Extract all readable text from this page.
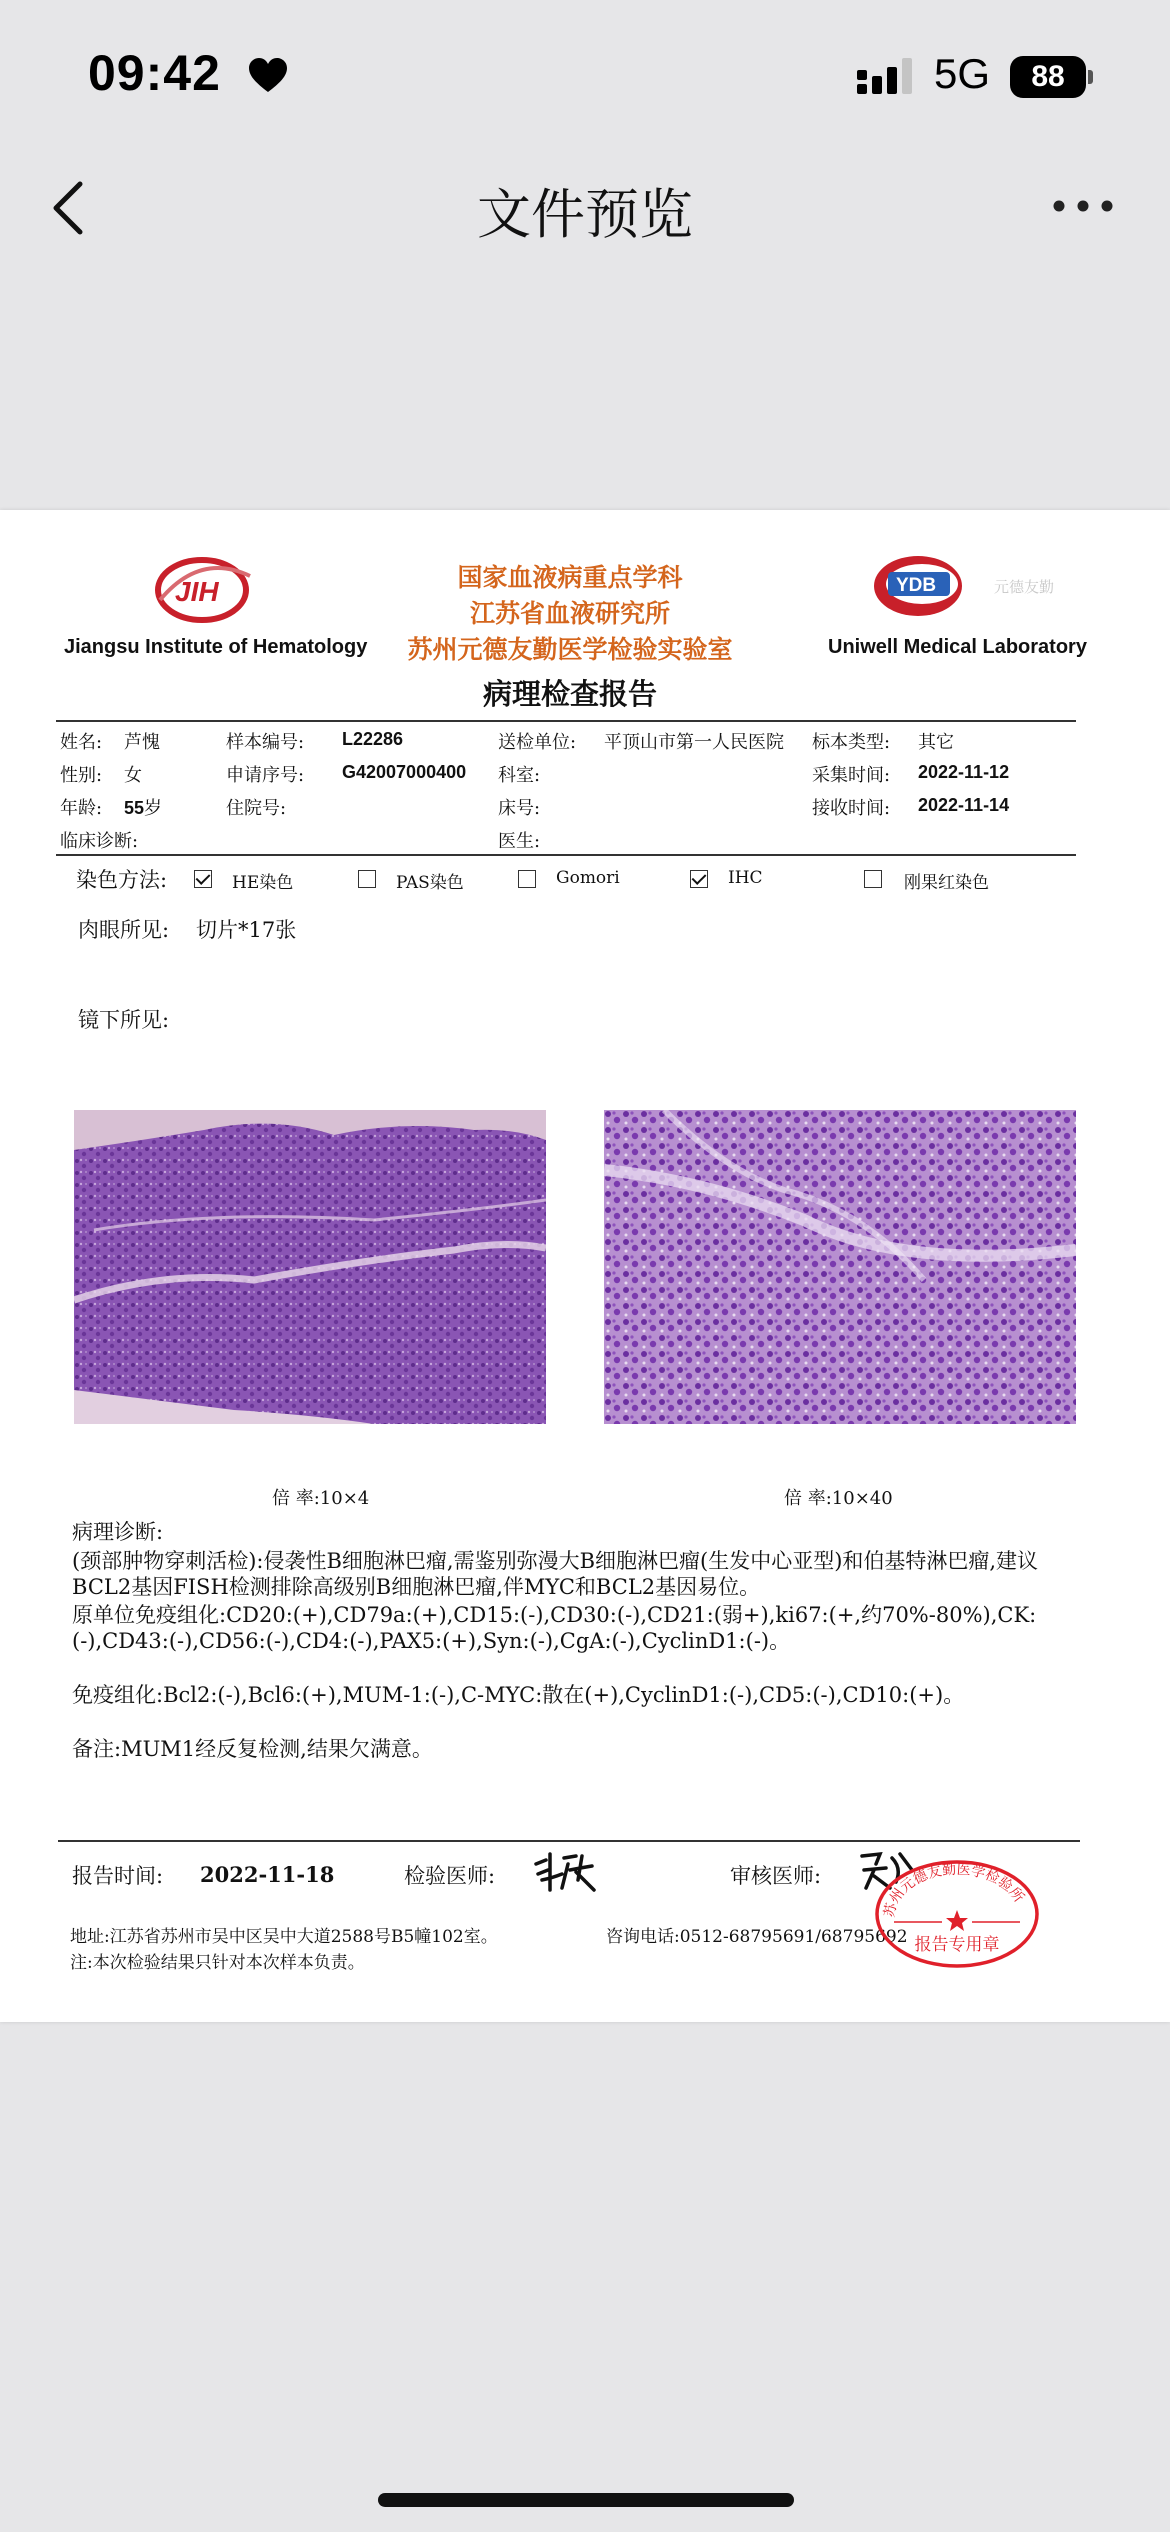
09:42	5G	88
文件预览
JIH
Jiangsu Institute of Hematology
国家血液病重点学科
江苏省血液研究所
苏州元德友勤医学检验实验室
病理检查报告
YDB	元德友勤
Uniwell Medical Laboratory
姓名: 芦愧	样本编号: L22286	送检单位: 平顶山市第一人民医院 标本类型: 其它
性别: 女	申请序号: G42007000400 科室:	采集时间: 2022-11-12
年龄: 55岁	住院号:	床号:	接收时间: 2022-11-14
临床诊断:	医生:
染色方法:	HE染色	PAS染色	Gomori	IHC	刚果红染色
肉眼所见: 切片*17张
镜下所见:
倍 率:10×4	倍 率:10×40
病理诊断:
(颈部肿物穿刺活检):侵袭性B细胞淋巴瘤,需鉴别弥漫大B细胞淋巴瘤(生发中心亚型)和伯基特淋巴瘤,建议BCL2基因FISH检测排除高级别B细胞淋巴瘤,伴MYC和BCL2基因易位。
原单位免疫组化:CD20:(+),CD79a:(+),CD15:(-),CD30:(-),CD21:(弱+),ki67:(+,约70%-80%),CK:(-),CD43:(-),CD56:(-),CD4:(-),PAX5:(+),Syn:(-),CgA:(-),CyclinD1:(-)。
免疫组化:Bcl2:(-),Bcl6:(+),MUM-1:(-),C-MYC:散在(+),CyclinD1:(-),CD5:(-),CD10:(+)。
备注:MUM1经反复检测,结果欠满意。
报告时间: 2022-11-18	检验医师:	审核医师:
地址:江苏省苏州市吴中区吴中大道2588号B5幢102室。	咨询电话:0512-68795691/68795692
注:本次检验结果只针对本次样本负责。
苏州元德友勤医学检验所
报告专用章
